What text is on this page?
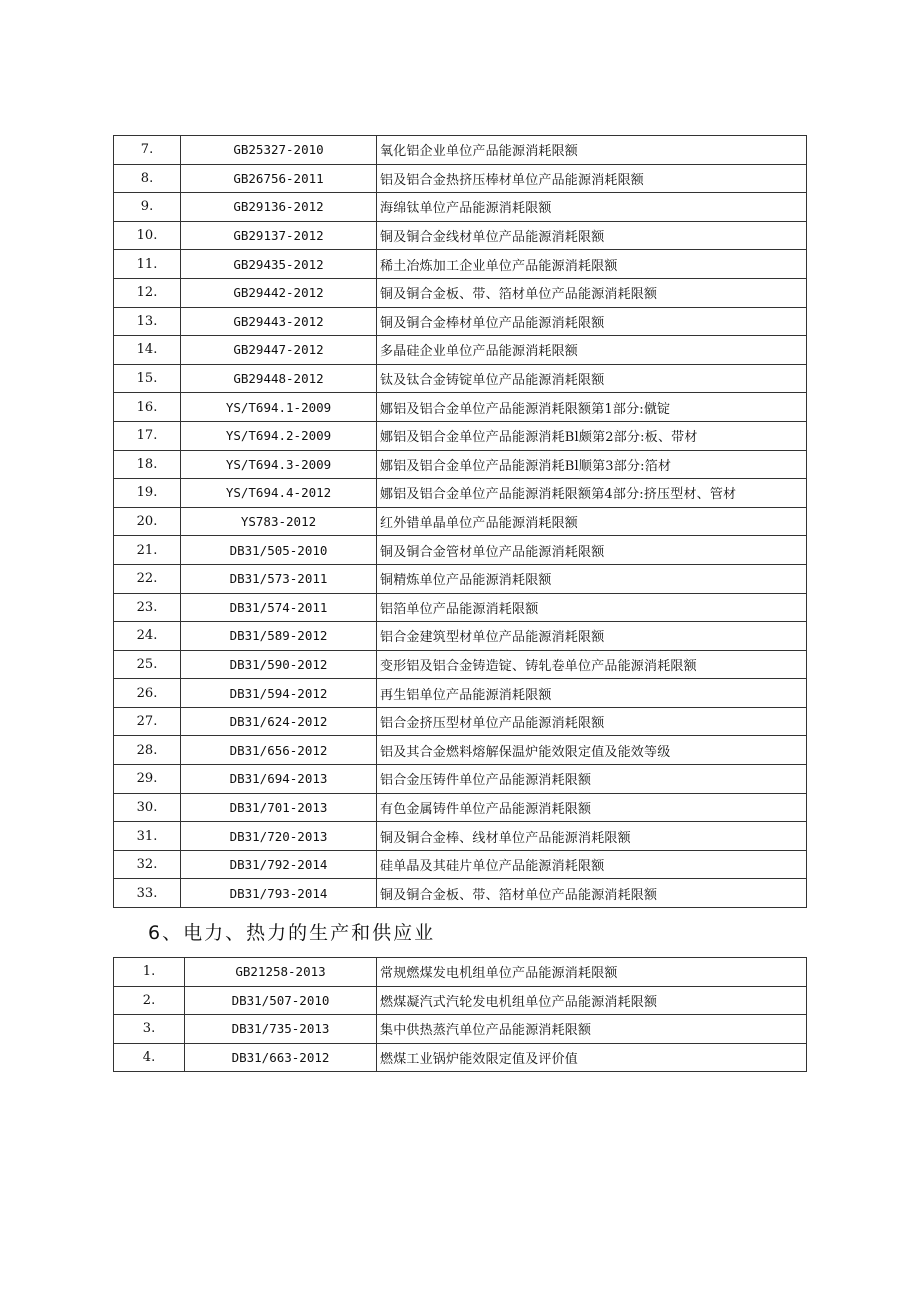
7.	GB25327-2010	氧化铝企业单位产品能源消耗限额
8.	GB26756-2011	铝及铝合金热挤压棒材单位产品能源消耗限额
9.	GB29136-2012	海绵钛单位产品能源消耗限额
10.	GB29137-2012	铜及铜合金线材单位产品能源消耗限额
11.	GB29435-2012	稀土冶炼加工企业单位产品能源消耗限额
12.	GB29442-2012	铜及铜合金板、带、箔材单位产品能源消耗限额
13.	GB29443-2012	铜及铜合金棒材单位产品能源消耗限额
14.	GB29447-2012	多晶硅企业单位产品能源消耗限额
15.	GB29448-2012	钛及钛合金铸锭单位产品能源消耗限额
16.	YS/T694.1-2009	娜铝及铝合金单位产品能源消耗限额第1部分:僦锭
17.	YS/T694.2-2009	娜铝及铝合金单位产品能源消耗Bl颇第2部分:板、带材
18.	YS/T694.3-2009	娜铝及铝合金单位产品能源消耗Bl顺第3部分:箔材
19.	YS/T694.4-2012	娜铝及铝合金单位产品能源消耗限额第4部分:挤压型材、管材
20.	YS783-2012	红外错单晶单位产品能源消耗限额
21.	DB31/505-2010	铜及铜合金管材单位产品能源消耗限额
22.	DB31/573-2011	铜精炼单位产品能源消耗限额
23.	DB31/574-2011	铝箔单位产品能源消耗限额
24.	DB31/589-2012	铝合金建筑型材单位产品能源消耗限额
25.	DB31/590-2012	变形铝及铝合金铸造锭、铸轧卷单位产品能源消耗限额
26.	DB31/594-2012	再生铝单位产品能源消耗限额
27.	DB31/624-2012	铝合金挤压型材单位产品能源消耗限额
28.	DB31/656-2012	铝及其合金燃料熔解保温炉能效限定值及能效等级
29.	DB31/694-2013	铝合金压铸件单位产品能源消耗限额
30.	DB31/701-2013	有色金属铸件单位产品能源消耗限额
31.	DB31/720-2013	铜及铜合金棒、线材单位产品能源消耗限额
32.	DB31/792-2014	硅单晶及其硅片单位产品能源消耗限额
33.	DB31/793-2014	铜及铜合金板、带、箔材单位产品能源消耗限额
6、电力、热力的生产和供应业
1.	GB21258-2013	常规燃煤发电机组单位产品能源消耗限额
2.	DB31/507-2010	燃煤凝汽式汽轮发电机组单位产品能源消耗限额
3.	DB31/735-2013	集中供热蒸汽单位产品能源消耗限额
4.	DB31/663-2012	燃煤工业锅炉能效限定值及评价值
